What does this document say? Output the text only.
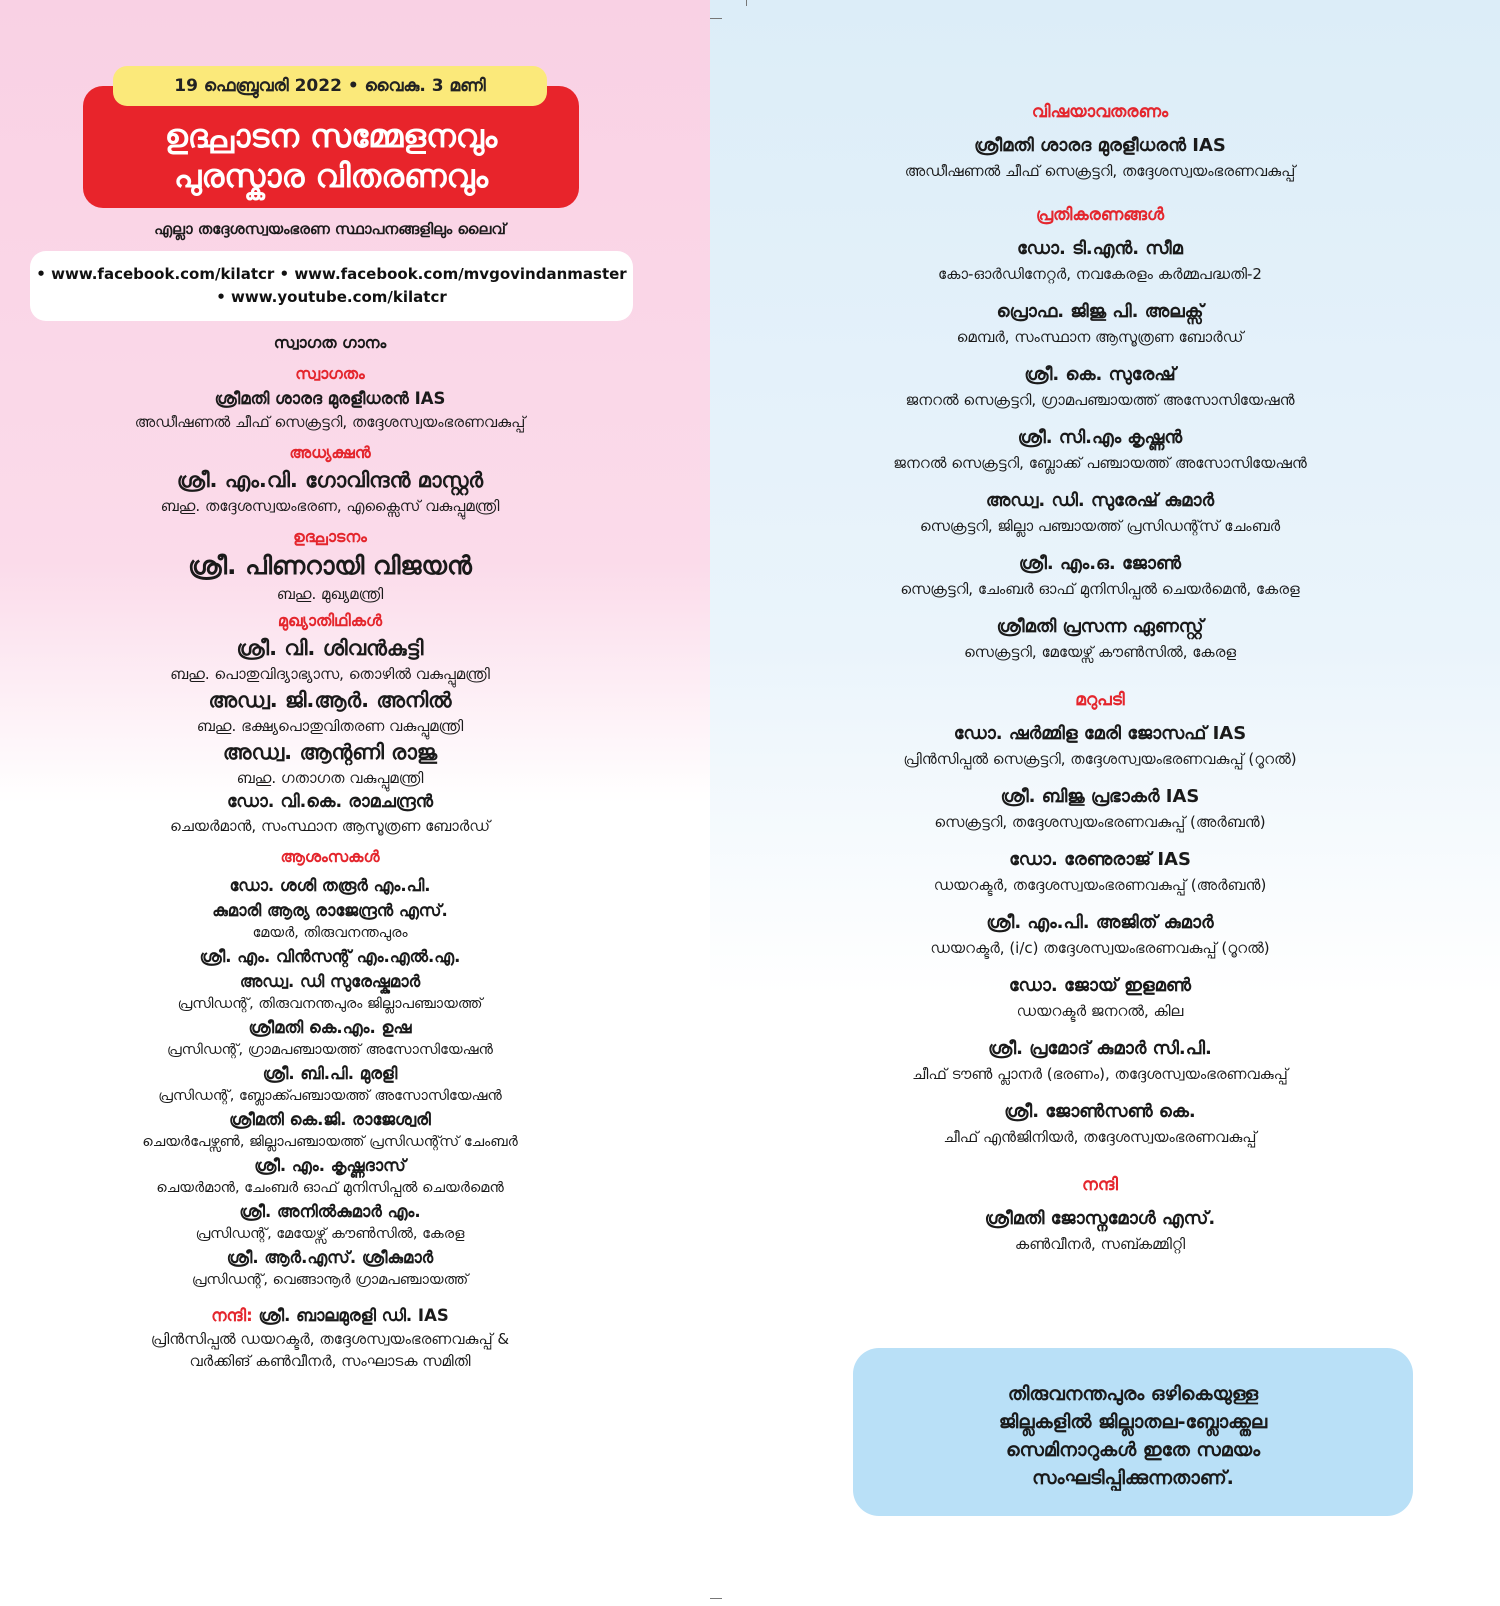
19 ഫെബ്രുവരി 2022 • വൈകു. 3 മണി
ഉദ്ഘാടന സമ്മേളനവും
പുരസ്കാര വിതരണവും
എല്ലാ തദ്ദേശസ്വയംഭരണ സ്ഥാപനങ്ങളിലും ലൈവ്
• www.facebook.com/kilatcr • www.facebook.com/mvgovindanmaster
• www.youtube.com/kilatcr
സ്വാഗത ഗാനം
സ്വാഗതം
ശ്രീമതി ശാരദ മുരളീധരൻ IAS
അഡീഷണൽ ചീഫ് സെക്രട്ടറി, തദ്ദേശസ്വയംഭരണവകുപ്പ്
അധ്യക്ഷൻ
ശ്രീ. എം.വി. ഗോവിന്ദൻ മാസ്റ്റർ
ബഹു. തദ്ദേശസ്വയംഭരണ, എക്സൈസ് വകുപ്പുമന്ത്രി
ഉദ്ഘാടനം
ശ്രീ. പിണറായി വിജയൻ
ബഹു. മുഖ്യമന്ത്രി
മുഖ്യാതിഥികൾ
ശ്രീ. വി. ശിവൻകുട്ടി
ബഹു. പൊതുവിദ്യാഭ്യാസ, തൊഴിൽ വകുപ്പുമന്ത്രി
അഡ്വ. ജി.ആർ. അനിൽ
ബഹു. ഭക്ഷ്യപൊതുവിതരണ വകുപ്പുമന്ത്രി
അഡ്വ. ആന്റണി രാജു
ബഹു. ഗതാഗത വകുപ്പുമന്ത്രി
ഡോ. വി.കെ. രാമചന്ദ്രൻ
ചെയർമാൻ, സംസ്ഥാന ആസൂത്രണ ബോർഡ്
ആശംസകൾ
ഡോ. ശശി തരൂർ എം.പി.
കുമാരി ആര്യ രാജേന്ദ്രൻ എസ്.
മേയർ, തിരുവനന്തപുരം
ശ്രീ. എം. വിൻസന്റ് എം.എൽ.എ.
അഡ്വ. ഡി സുരേഷ്കുമാർ
പ്രസിഡന്റ്, തിരുവനന്തപുരം ജില്ലാപഞ്ചായത്ത്
ശ്രീമതി കെ.എം. ഉഷ
പ്രസിഡന്റ്, ഗ്രാമപഞ്ചായത്ത് അസോസിയേഷൻ
ശ്രീ. ബി.പി. മുരളി
പ്രസിഡന്റ്, ബ്ലോക്ക്പഞ്ചായത്ത് അസോസിയേഷൻ
ശ്രീമതി കെ.ജി. രാജേശ്വരി
ചെയർപേഴ്സൺ, ജില്ലാപഞ്ചായത്ത് പ്രസിഡന്റ്സ് ചേംബർ
ശ്രീ. എം. കൃഷ്ണദാസ്
ചെയർമാൻ, ചേംബർ ഓഫ് മുനിസിപ്പൽ ചെയർമെൻ
ശ്രീ. അനിൽകുമാർ എം.
പ്രസിഡന്റ്, മേയേഴ്സ് കൗൺസിൽ, കേരള
ശ്രീ. ആർ.എസ്. ശ്രീകുമാർ
പ്രസിഡന്റ്, വെങ്ങാനൂർ ഗ്രാമപഞ്ചായത്ത്
നന്ദി: ശ്രീ. ബാലമുരളി ഡി. IAS
പ്രിൻസിപ്പൽ ഡയറക്ടർ, തദ്ദേശസ്വയംഭരണവകുപ്പ് &
വർക്കിങ് കൺവീനർ, സംഘാടക സമിതി
വിഷയാവതരണം
ശ്രീമതി ശാരദ മുരളീധരൻ IAS
അഡീഷണൽ ചീഫ് സെക്രട്ടറി, തദ്ദേശസ്വയംഭരണവകുപ്പ്
പ്രതികരണങ്ങൾ
ഡോ. ടി.എൻ. സീമ
കോ-ഓർഡിനേറ്റർ, നവകേരളം കർമ്മപദ്ധതി-2
പ്രൊഫ. ജിജു പി. അലക്സ്
മെമ്പർ, സംസ്ഥാന ആസൂത്രണ ബോർഡ്
ശ്രീ. കെ. സുരേഷ്
ജനറൽ സെക്രട്ടറി, ഗ്രാമപഞ്ചായത്ത് അസോസിയേഷൻ
ശ്രീ. സി.എം കൃഷ്ണൻ
ജനറൽ സെക്രട്ടറി, ബ്ലോക്ക് പഞ്ചായത്ത് അസോസിയേഷൻ
അഡ്വ. ഡി. സുരേഷ് കുമാർ
സെക്രട്ടറി, ജില്ലാ പഞ്ചായത്ത് പ്രസിഡന്റ്സ് ചേംബർ
ശ്രീ. എം.ഒ. ജോൺ
സെക്രട്ടറി, ചേംബർ ഓഫ് മുനിസിപ്പൽ ചെയർമെൻ, കേരള
ശ്രീമതി പ്രസന്ന ഏണസ്റ്റ്
സെക്രട്ടറി, മേയേഴ്സ് കൗൺസിൽ, കേരള
മറുപടി
ഡോ. ഷർമ്മിള മേരി ജോസഫ് IAS
പ്രിൻസിപ്പൽ സെക്രട്ടറി, തദ്ദേശസ്വയംഭരണവകുപ്പ് (റൂറൽ)
ശ്രീ. ബിജു പ്രഭാകർ IAS
സെക്രട്ടറി, തദ്ദേശസ്വയംഭരണവകുപ്പ് (അർബൻ)
ഡോ. രേണുരാജ് IAS
ഡയറക്ടർ, തദ്ദേശസ്വയംഭരണവകുപ്പ് (അർബൻ)
ശ്രീ. എം.പി. അജിത് കുമാർ
ഡയറക്ടർ, (i/c) തദ്ദേശസ്വയംഭരണവകുപ്പ് (റൂറൽ)
ഡോ. ജോയ് ഇളമൺ
ഡയറക്ടർ ജനറൽ, കില
ശ്രീ. പ്രമോദ് കുമാർ സി.പി.
ചീഫ് ടൗൺ പ്ലാനർ (ഭരണം), തദ്ദേശസ്വയംഭരണവകുപ്പ്
ശ്രീ. ജോൺസൺ കെ.
ചീഫ് എൻജിനിയർ, തദ്ദേശസ്വയംഭരണവകുപ്പ്
നന്ദി
ശ്രീമതി ജോസ്നമോൾ എസ്.
കൺവീനർ, സബ്കമ്മിറ്റി
തിരുവനന്തപുരം ഒഴികെയുള്ള
ജില്ലകളിൽ ജില്ലാതല-ബ്ലോക്ക്തല
സെമിനാറുകൾ ഇതേ സമയം
സംഘടിപ്പിക്കുന്നതാണ്.
